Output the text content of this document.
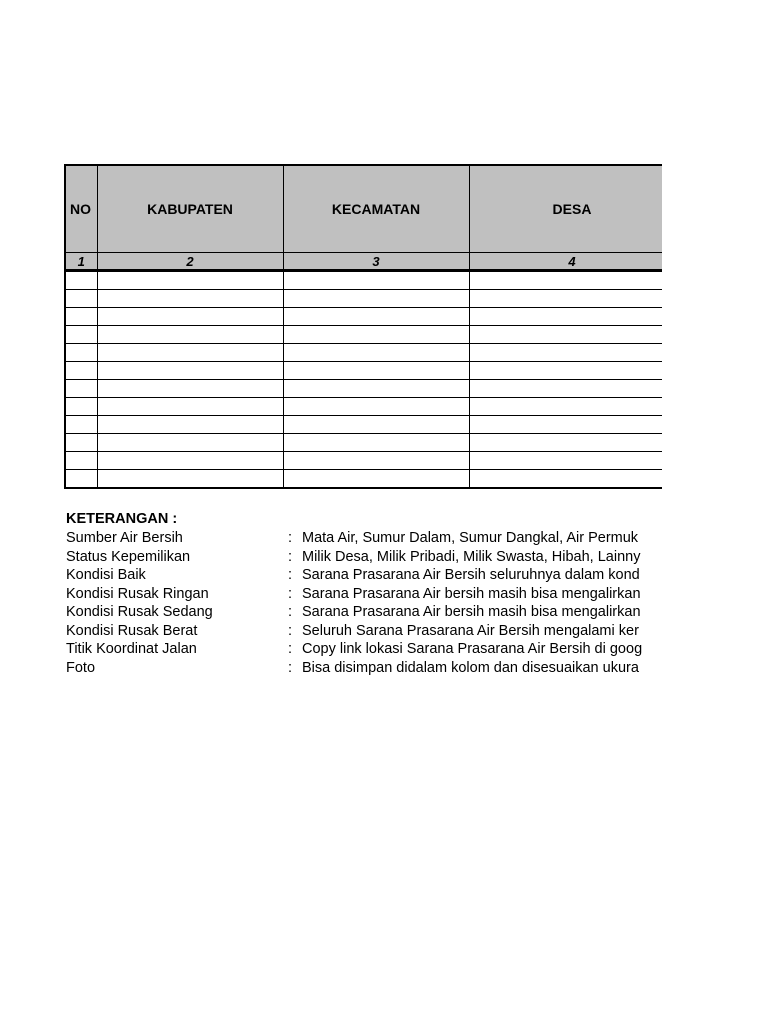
NO	KABUPATEN	KECAMATAN	DESA
1	2	3	4

KETERANGAN :
Sumber Air Bersih	: Mata Air, Sumur Dalam, Sumur Dangkal, Air Permuk
Status Kepemilikan	: Milik Desa, Milik Pribadi, Milik Swasta, Hibah, Lainny
Kondisi Baik	: Sarana Prasarana Air Bersih seluruhnya dalam kond
Kondisi Rusak Ringan	: Sarana Prasarana Air bersih masih bisa mengalirkan
Kondisi Rusak Sedang	: Sarana Prasarana Air bersih masih bisa mengalirkan
Kondisi Rusak Berat	: Seluruh Sarana Prasarana Air Bersih mengalami ker
Titik Koordinat Jalan	: Copy link lokasi Sarana Prasarana Air Bersih di goog
Foto	: Bisa disimpan didalam kolom dan disesuaikan ukura
